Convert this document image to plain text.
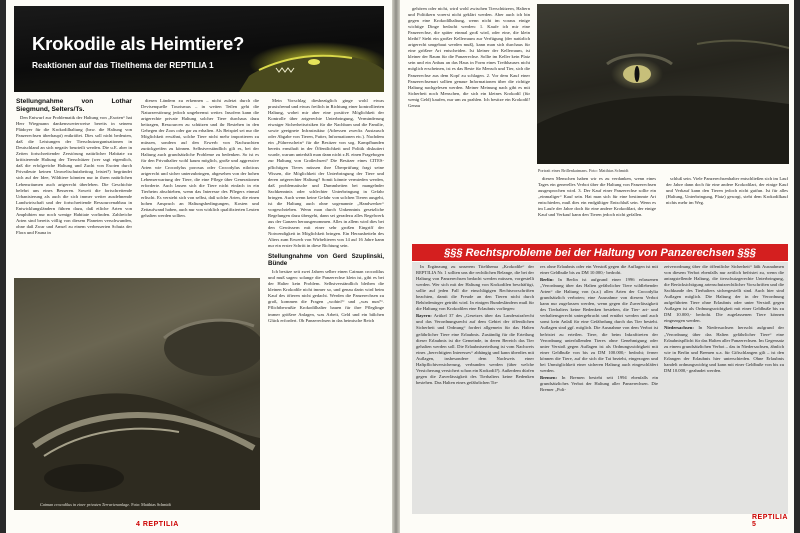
Krokodile als Heimtiere?
Reaktionen auf das Titelthema der REPTILIA 1
Stellungnahme von Lothar Siegmund, Selters/Ts.

Den Entwurf zur Problematik der Haltung von „Exoten“ hat Herr Wiegmann dankenswerterweise bereits in seinem Plädoyer für die Krokodilhaltung (bzw. die Haltung von Panzerechsen überhaupt) entkräftet. Dies soll nicht bedeuten, daß die Leistungen der Tierschutzorganisationen in Deutschland an sich negativ beurteilt werden. Die u.E. aber in Zeiten fortschreitender Zerstörung natürlicher Habitate zu kritisierende Haltung der Tierschützer (wer sagt eigentlich, daß die erfolgreiche Haltung und Zucht von Exoten durch Privatleute keinen Umweltschutzbeitrag leistet?) begründet sich auf der Idee, Wildtiere könnten nur in ihren natürlichen Lebensräumen auch artgerecht überleben. Die Geschichte belehrt uns eines Besseren. Soweit die fortschreitende Urbanisierung als auch die sich immer weiter ausdehnende Landwirtschaft und der fortschreitende Ressourcenabbau in Entwicklungsländern führen dazu, daß etliche Arten von Amphibien nur noch wenige Habitate vorfinden. Zahlreiche Arten sind bereits völlig von diesem Planeten verschwunden, ohne daß Zwar und Amsel zu einem verbesserten Schutz der Flora und Fauna in

diesen Ländern zu erkennen – nicht zuletzt durch die Devisenquelle Tourismus – in weiten Teilen geht die Naturzerstörung jedoch ungebremst weiter. Insofern kann die artgerechte private Haltung solcher Tiere durchaus dazu beitragen, Ressourcen zu schützen und ihr Bestehen in den Gehegen der Zoos oder gar zu erhalten. Als Beispiel sei nur die Möglichkeit erwähnt, solche Tiere nicht mehr importieren zu müssen, sondern auf den Erwerb von Nachzuchten zurückgreifen zu können. Selbstverständlich gilt es, bei der Haltung auch grundsätzliche Probleme zu bedenken. So ist es für den Privathalter wohl kaum möglich, große und aggressive Arten wie Crocodylus porosus oder Crocodylus niloticus artgerecht und sicher unterzubringen, abgesehen von der hohen Lebenserwartung der Tiere, die eine Pflege über Generationen erforderte. Auch lassen sich die Tiere nicht einfach in ein Tierheim abschieben, wenn das Interesse des Pflegers einmal erlischt. Es versteht sich von selbst, daß solche Arten, die einen hohen Anspruch an Haltungsbedingungen, Kosten und Zeitaufwand haben, auch nur von wirklich qualifizierten Leuten gehalten werden sollten.

Mein Vorschlag diesbezüglich ginge wohl etwas praxisfremd und etwas freilich in Richtung einer kontrollierten Haltung, wobei mir aber eine positive Möglichkeit der Kontrolle über artgerechte Unterbringung, Verminderung etwaiger Sicherheitsrisiken für die Nachbarn und die Familie, sowie geeignete Infrastruktur (Adressen zwecks Austausch oder Abgabe von Tieren, Futter, Informationen etc.). Nachdem ein „Führerschein“ für die Besitzer von sog. Kampfhunden bereits ernsthaft in der Öffentlichkeit und Politik diskutiert wurde, warum unterhält man dann nicht z.B. einen Fragebogen zur Haltung von Großechsen? Die Besitzer eines CITES-pflichtigen Tieres müssen ihre Überprüfung fragt seine Wissen, die Möglichkeit der Unterbringung der Tiere und deren artgerechter Haltung? Somit könnte vermieden werden, daß problematische und Dummheiten bei mangelnder Sachkenntnis oder schlechter Unterbringung in Gefahr bringen. Auch wenn keine Gefahr von solchen Tieren ausgeht, ist die Haltung auch ohne sogenannte „Handwerker“ vorgeschrieben. Wenn man durch Unkenntnis gesetzliche Regelungen dazu übergeht, dann sei geradezu alles Regelwerk aus der Ganzen herausgenommen. Alles in allem wird dies bei den Gewässern mit einer sehr großen Eingriff der Notwendigkeit in Möglichkeit bringen. Ein Herausbetteln des Alters zum Erwerb von Wirbeltieren von 14 auf 16 Jahre kann nur ein erster Schritt in diese Richtung sein.

Stellungnahme von Gerd Szuplinski, Bünde

Ich besitze seit zwei Jahren selber einen Caiman crocodilus und muß sagen: solange die Panzerechse klein ist, gibt es bei der Halter kein Problem. Selbstverständlich bleiben die kleinen Krokodile nicht immer so, und genau darin wird beim Kauf des öfteren nicht gedacht. Werden die Panzerechsen zu groß, kommen die Fragen „wohin?“ und „was nun?“. Pflichtbewußte Krokodilhalter bauen für ihre Pfleglinge immer größere Anlagen, was Arbeit, Geld und ein bißchen Glück erfordert. Ob Panzerechsen in das heimische Reich

Caiman crocodilus in einer privaten Terrarienanlage. Foto: Matthias Schmidt
4 REPTILIA

gehören oder nicht, wird wohl zwischen Tierschützern, Haltern und Politikern vorerst nicht geklärt werden. Aber auch ich bin gegen eine Krokodilhaltung, wenn nicht im voraus einige wichtige Dinge bedacht werden: 1. Kaufe ich mir eine Panzerechse, die später einmal groß wird, oder eine, die klein bleibt? Steht ein großer Kellerraum zur Verfügung (der natürlich artgerecht umgebaut werden muß), kann man sich durchaus für eine größere Art entscheiden. Ist kleiner der Kellerraum, ist kleiner der Raum für die Panzerechse. Sollte im Keller kein Platz sein und ein Anbau an das Haus in Form eines Treibhauses nicht möglich erscheinen, ist es das Beste für Mensch und Tier, sich die Panzerechse aus dem Kopf zu schlagen. 2. Vor dem Kauf einer Panzerechsenart sollten genaue Informationen über die richtige Haltung nachgelesen werden. Meiner Meinung nach gibt es mit Sicherheit noch Menschen, die sich ein kleines Krokodil (für wenig Geld) kaufen, nur um zu prahlen. Ich besitze ein Krokodil! Genau

Portrait eines Brillenkaimans. Foto: Matthias Schmidt

diesen Menschen haben wir es zu verdanken, wenn eines Tages ein generelles Verbot über die Haltung von Panzerechsen ausgesprochen wird. 3. Der Kauf einer Panzerechse sollte ein „einmaliger“ Kauf sein. Hat man sich für eine bestimmte Art entschieden, muß dies ein endgültiger Entschluß sein. Wenn es im Laufe der Jahre doch für eine andere Krokodilart, der einige Kauf und Verkauf kann den Tieren jedoch nicht gefallen.

schluß sein. Viele Panzerechsenhalter entschließen sich im Lauf der Jahre dann doch für eine andere Krokodilart, der einige Kauf und Verkauf kann den Tieren jedoch nicht gutfun. Ist für alles (Haltung, Unterbringung, Platz) gesorgt, steht dem Krokodilkauf nichts mehr im Weg.

§§§ Rechtsprobleme bei der Haltung von Panzerechsen §§§

In Ergänzung zu unserem Titelthema „Krokodile“ der REPTILIA Nr. 1 sollten uns die rechtlichen Belange, die bei der Haltung von Panzerechsen bedacht werden müssen, vorgestellt werden. Wer sich mit der Haltung von Krokodilen beschäftigt, sollte auf jeden Fall die einschlägigen Rechtsvorschriften beachten, damit die Freude an den Tieren nicht durch Behördenärger getrübt wird. In einigen Bundesländern muß für die Haltung von Krokodilen eine Erlaubnis vorliegen:

Bayern: Artikel 37 des „Gesetzes über das Landesstrafrecht und das Verordnungsrecht auf dem Gebiet der öffentlichen Sicherheit und Ordnung“ fordert allgemein für das Halten gefährlicher Tiere eine Erlaubnis. Zuständig für die Erteilung dieser Erlaubnis ist die Gemeinde, in deren Bereich das Tier gehalten werden soll. Die Erlaubniserteilung ist vom Nachweis eines „berechtigten Interesses“ abhängig und kann überdies mit Auflagen, insbesondere dem Nachweis einer Haftpflichtversicherung, verbunden werden (über welche Versicherung versichert schon ein Krokodil?). Außerdem dürfen gegen die Zuverlässigkeit des Tierhalters keine Bedenken bestehen. Das Halten eines gefährlichen Tie-

res ohne Erlaubnis oder ein Verstoß gegen die Auflagen ist mit einer Geldbuße bis zu DM 10.000,- bedroht.

Berlin: In Berlin ist aufgrund einer 1996 erlassenen „Verordnung über das Halten gefährlicher Tiere wildlebender Arten“ die Haltung von (u.a.) allen Arten der Crocodylia grundsätzlich verboten; eine Ausnahme von diesem Verbot kann nur zugelassen werden, wenn gegen die Zuverlässigkeit des Tierhalters keine Bedenken bestehen, die Tier- art- und verhaltensgerecht untergebracht und ernährt werden und auch sonst kein Anlaß für eine Gefährdung durch das Tier besteht. Auflagen sind ggf. möglich. Die Ausnahme von dem Verbot ist befristet zu erteilen. Tiere, die beim Inkrafttreten der Verordnung unterfallenden Tieres ohne Genehmigung oder unter Verstoß gegen Auflagen ist als Ordnungswidrigkeit mit einer Geldbuße von bis zu DM 100.000,- bedroht; ferner können die Tiere, auf die sich die Tat bezieht, eingezogen und bei Unmöglichkeit einer sicheren Haltung auch eingeschläfert werden.

Bremen: In Bremen besteht seit 1994 ebenfalls ein grundsätzliches Verbot der Haltung aller Panzerechsen. Die Bremer „Poli-

zeiverordnung über die öffentliche Sicherheit“ läßt Ausnahmen von diesem Verbot ebenfalls nur zeitlich befristet zu, wenn die antragstellende Haltung, die tierschutzgerechte Unterbringung, die Berücksichtigung artenschutzrechtlicher Vorschriften und die Sachkunde des Tierhalters sichergestellt sind. Auch hier sind Auflagen möglich. Die Haltung der in der Verordnung aufgeführten Tiere ohne Erlaubnis oder unter Verstoß gegen Auflagen ist als Ordnungswidrigkeit mit einer Geldbuße bis zu DM 10.000,- bedroht. Die zugelassenen Tiere können eingezogen werden.

Niedersachsen: In Niedersachsen herrscht aufgrund der „Verordnung über das Halten gefährlicher Tiere“ eine Erlaubnispflicht für das Halten aller Panzerechsen. Im Gegensatz zu einem grundsätzlichen Verbot – das in Niedersachsen, ähnlich wie in Berlin und Bremen u.a. für Giftschlangen gilt – ist den Erlangen der Erlaubnis hier unterschieden. Ohne Erlaubnis handelt ordnungswidrig und kann mit einer Geldbuße von bis zu DM 10.000,- geahndet werden.

REPTILIA 5
